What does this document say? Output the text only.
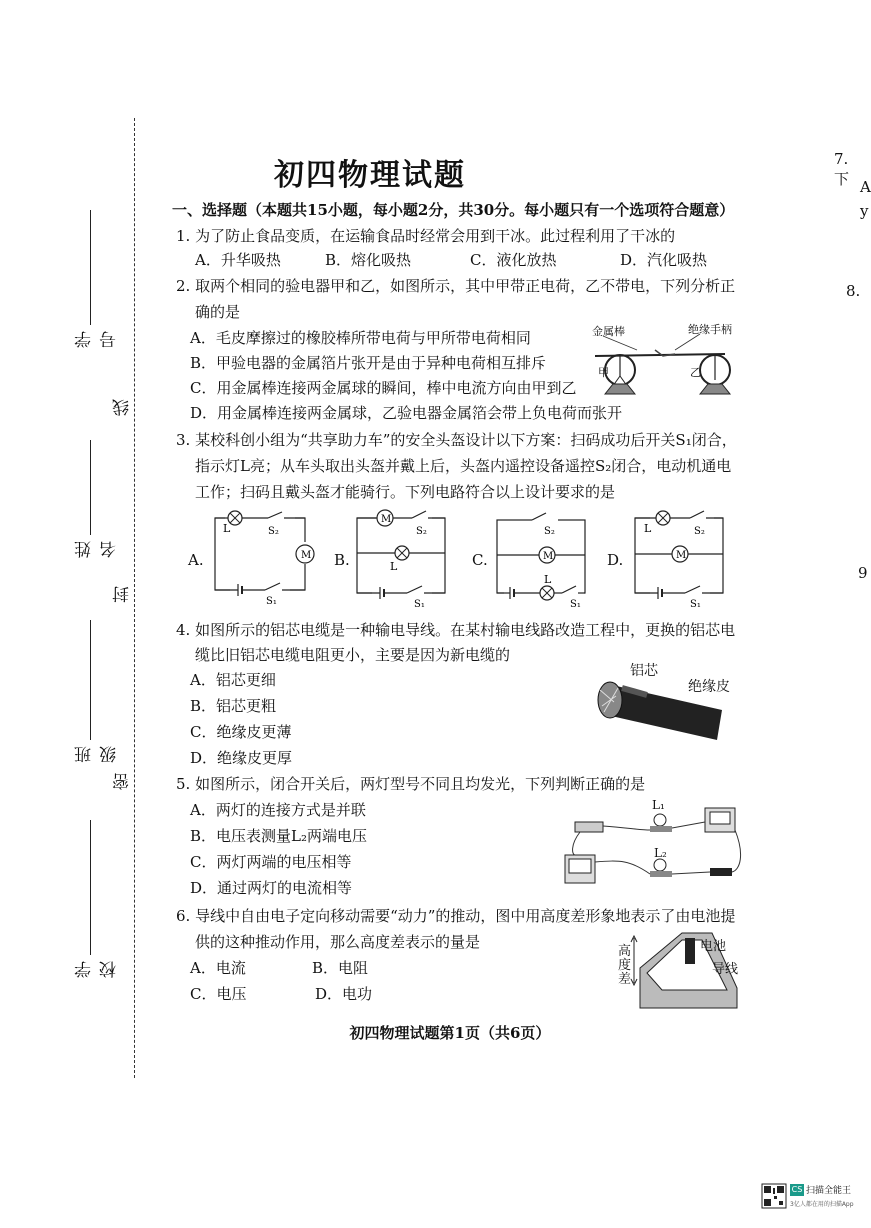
学号
姓名
班级
学校
线
封
密
初四物理试题
一、选择题（本题共15小题，每小题2分，共30分。每小题只有一个选项符合题意）
1. 为了防止食品变质，在运输食品时经常会用到干冰。此过程利用了干冰的
A．升华吸热	B．熔化吸热	C．液化放热	D．汽化吸热
2. 取两个相同的验电器甲和乙，如图所示，其中甲带正电荷，乙不带电，下列分析正
确的是
A．毛皮摩擦过的橡胶棒所带电荷与甲所带电荷相同
B．甲验电器的金属箔片张开是由于异种电荷相互排斥
C．用金属棒连接两金属球的瞬间，棒中电流方向由甲到乙
D．用金属棒连接两金属球，乙验电器金属箔会带上负电荷而张开
金属棒	绝缘手柄
甲	乙
3. 某校科创小组为“共享助力车”的安全头盔设计以下方案：扫码成功后开关S₁闭合，
指示灯L亮；从车头取出头盔并戴上后，头盔内遥控设备遥控S₂闭合，电动机通电
工作；扫码且戴头盔才能骑行。下列电路符合以上设计要求的是
A.	B.	C.	D.
M
L	S₂
S₁
M
L
S₂
S₁
M
L
S₂
S₁
M
L	S₂
S₁
4. 如图所示的铝芯电缆是一种输电导线。在某村输电线路改造工程中，更换的铝芯电
缆比旧铝芯电缆电阻更小，主要是因为新电缆的
A．铝芯更细
B．铝芯更粗
C．绝缘皮更薄
D．绝缘皮更厚
铝芯
绝缘皮
5. 如图所示，闭合开关后，两灯型号不同且均发光，下列判断正确的是
A．两灯的连接方式是并联
B．电压表测量L₂两端电压
C．两灯两端的电压相等
D．通过两灯的电流相等
L₁
L₂
6. 导线中自由电子定向移动需要“动力”的推动，图中用高度差形象地表示了由电池提
供的这种推动作用，那么高度差表示的量是
A．电流	B．电阻
C．电压	D．电功
电池
导线
高度差
初四物理试题第1页（共6页）
7. 下 A
y
8.
9
CS 扫描全能王
3亿人都在用的扫描App
